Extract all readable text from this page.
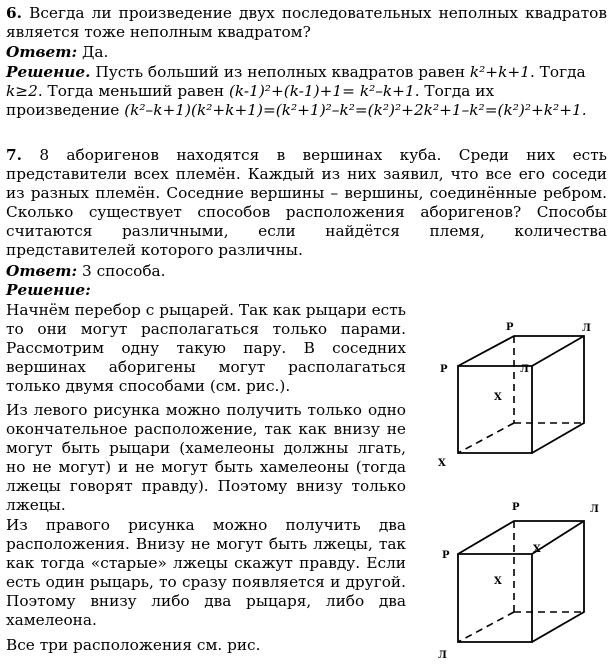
6. Всегда ли произведение двух последовательных неполных квадратов является тоже неполным квадратом?
Ответ: Да.
Решение. Пусть больший из неполных квадратов равен k²+k+1. Тогда k≥2. Тогда меньший равен (k-1)²+(k-1)+1= k²–k+1. Тогда их произведение (k²–k+1)(k²+k+1)=(k²+1)²–k²=(k²)²+2k²+1–k²=(k²)²+k²+1.
7. 8 аборигенов находятся в вершинах куба. Среди них есть представители всех племён. Каждый из них заявил, что все его соседи из разных племён. Соседние вершины – вершины, соединённые ребром. Сколько существует способов расположения аборигенов? Способы считаются различными, если найдётся племя, количества представителей которого различны.
Ответ: 3 способа.
Решение:
Начнём перебор с рыцарей. Так как рыцари есть то они могут располагаться только парами. Рассмотрим одну такую пару. В соседних вершинах аборигены могут располагаться только двумя способами (см. рис.).
Из левого рисунка можно получить только одно окончательное расположение, так как внизу не могут быть рыцари (хамелеоны должны лгать, но не могут) и не могут быть хамелеоны (тогда лжецы говорят правду). Поэтому внизу только лжецы.
Из правого рисунка можно получить два расположения. Внизу не могут быть лжецы, так как тогда «старые» лжецы скажут правду. Если есть один рыцарь, то сразу появляется и другой. Поэтому внизу либо два рыцаря, либо два хамелеона.
Все три расположения см. рис.
Р	Л
Р	Л
Х
Х
Р	Л
Р
Х
Х
Л
